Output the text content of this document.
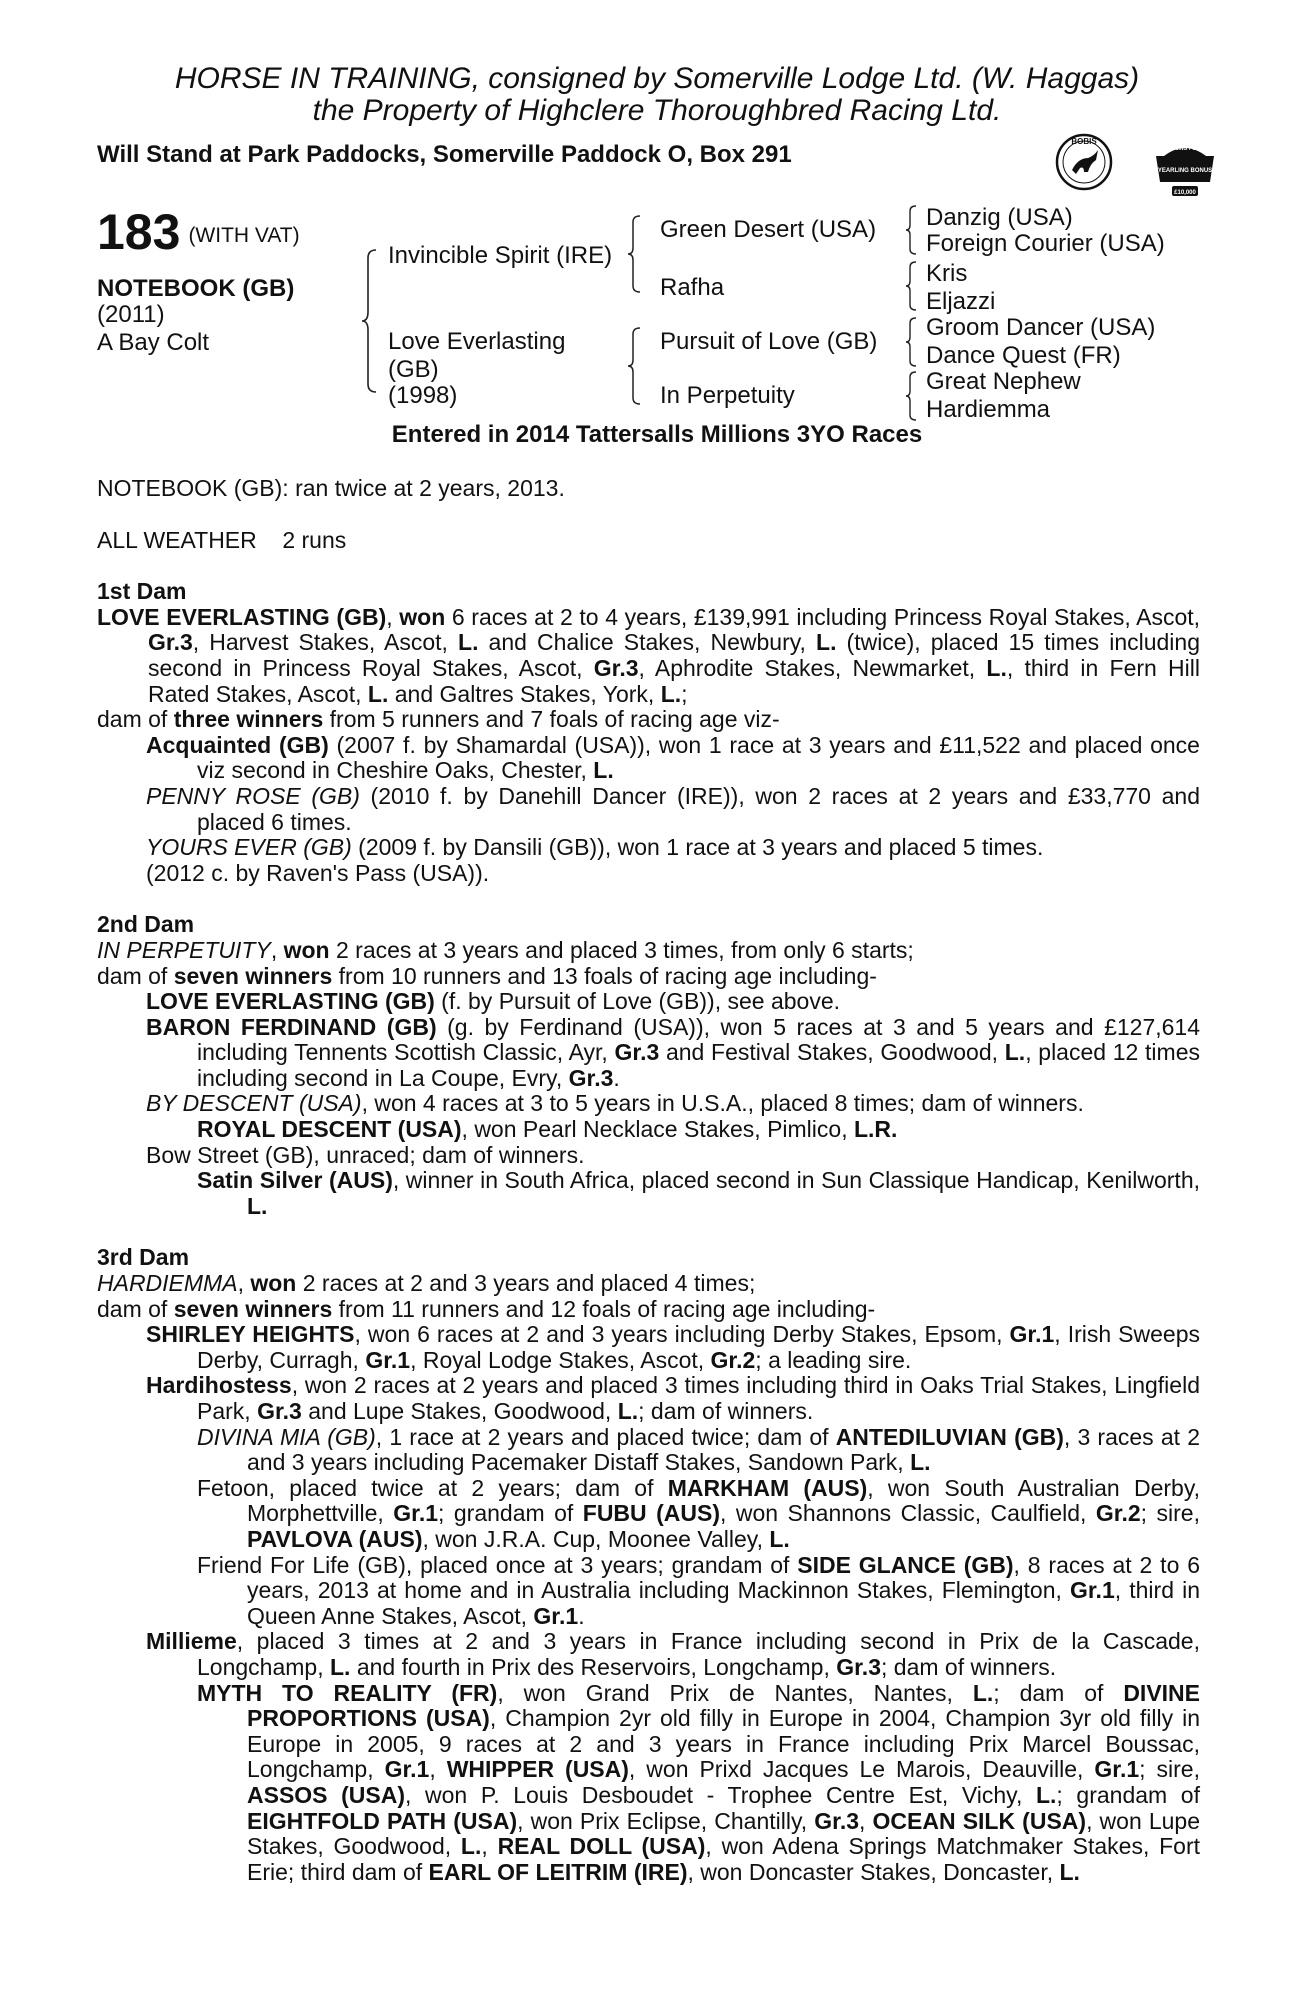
HORSE IN TRAINING, consigned by Somerville Lodge Ltd. (W. Haggas)
the Property of Highclere Thoroughbred Racing Ltd.
Will Stand at Park Paddocks, Somerville Paddock O, Box 291	BOBIS
RACING POST
YEARLING BONUS
£10,000
183 (WITH VAT)
NOTEBOOK (GB)
(2011)
A Bay Colt
Invincible Spirit (IRE)
Love Everlasting
(GB)
(1998)
Green Desert (USA)
Rafha
Pursuit of Love (GB)
In Perpetuity
Danzig (USA)
Foreign Courier (USA)
Kris
Eljazzi
Groom Dancer (USA)
Dance Quest (FR)
Great Nephew
Hardiemma
Entered in 2014 Tattersalls Millions 3YO Races

NOTEBOOK (GB): ran twice at 2 years, 2013.

ALL WEATHER 2 runs

1st Dam

LOVE EVERLASTING (GB), won 6 races at 2 to 4 years, £139,991 including Princess Royal Stakes, Ascot, Gr.3, Harvest Stakes, Ascot, L. and Chalice Stakes, Newbury, L. (twice), placed 15 times including second in Princess Royal Stakes, Ascot, Gr.3, Aphrodite Stakes, Newmarket, L., third in Fern Hill Rated Stakes, Ascot, L. and Galtres Stakes, York, L.;

dam of three winners from 5 runners and 7 foals of racing age viz-

Acquainted (GB) (2007 f. by Shamardal (USA)), won 1 race at 3 years and £11,522 and placed once viz second in Cheshire Oaks, Chester, L.

PENNY ROSE (GB) (2010 f. by Danehill Dancer (IRE)), won 2 races at 2 years and £33,770 and placed 6 times.

YOURS EVER (GB) (2009 f. by Dansili (GB)), won 1 race at 3 years and placed 5 times.

(2012 c. by Raven's Pass (USA)).

2nd Dam

IN PERPETUITY, won 2 races at 3 years and placed 3 times, from only 6 starts;

dam of seven winners from 10 runners and 13 foals of racing age including-

LOVE EVERLASTING (GB) (f. by Pursuit of Love (GB)), see above.

BARON FERDINAND (GB) (g. by Ferdinand (USA)), won 5 races at 3 and 5 years and £127,614 including Tennents Scottish Classic, Ayr, Gr.3 and Festival Stakes, Goodwood, L., placed 12 times including second in La Coupe, Evry, Gr.3.

BY DESCENT (USA), won 4 races at 3 to 5 years in U.S.A., placed 8 times; dam of winners.

ROYAL DESCENT (USA), won Pearl Necklace Stakes, Pimlico, L.R.

Bow Street (GB), unraced; dam of winners.

Satin Silver (AUS), winner in South Africa, placed second in Sun Classique Handicap, Kenilworth, L.

3rd Dam

HARDIEMMA, won 2 races at 2 and 3 years and placed 4 times;

dam of seven winners from 11 runners and 12 foals of racing age including-

SHIRLEY HEIGHTS, won 6 races at 2 and 3 years including Derby Stakes, Epsom, Gr.1, Irish Sweeps Derby, Curragh, Gr.1, Royal Lodge Stakes, Ascot, Gr.2; a leading sire.

Hardihostess, won 2 races at 2 years and placed 3 times including third in Oaks Trial Stakes, Lingfield Park, Gr.3 and Lupe Stakes, Goodwood, L.; dam of winners.

DIVINA MIA (GB), 1 race at 2 years and placed twice; dam of ANTEDILUVIAN (GB), 3 races at 2 and 3 years including Pacemaker Distaff Stakes, Sandown Park, L.

Fetoon, placed twice at 2 years; dam of MARKHAM (AUS), won South Australian Derby, Morphettville, Gr.1; grandam of FUBU (AUS), won Shannons Classic, Caulfield, Gr.2; sire, PAVLOVA (AUS), won J.R.A. Cup, Moonee Valley, L.

Friend For Life (GB), placed once at 3 years; grandam of SIDE GLANCE (GB), 8 races at 2 to 6 years, 2013 at home and in Australia including Mackinnon Stakes, Flemington, Gr.1, third in Queen Anne Stakes, Ascot, Gr.1.

Millieme, placed 3 times at 2 and 3 years in France including second in Prix de la Cascade, Longchamp, L. and fourth in Prix des Reservoirs, Longchamp, Gr.3; dam of winners.

MYTH TO REALITY (FR), won Grand Prix de Nantes, Nantes, L.; dam of DIVINE PROPORTIONS (USA), Champion 2yr old filly in Europe in 2004, Champion 3yr old filly in Europe in 2005, 9 races at 2 and 3 years in France including Prix Marcel Boussac, Longchamp, Gr.1, WHIPPER (USA), won Prixd Jacques Le Marois, Deauville, Gr.1; sire, ASSOS (USA), won P. Louis Desboudet - Trophee Centre Est, Vichy, L.; grandam of EIGHTFOLD PATH (USA), won Prix Eclipse, Chantilly, Gr.3, OCEAN SILK (USA), won Lupe Stakes, Goodwood, L., REAL DOLL (USA), won Adena Springs Matchmaker Stakes, Fort Erie; third dam of EARL OF LEITRIM (IRE), won Doncaster Stakes, Doncaster, L.
